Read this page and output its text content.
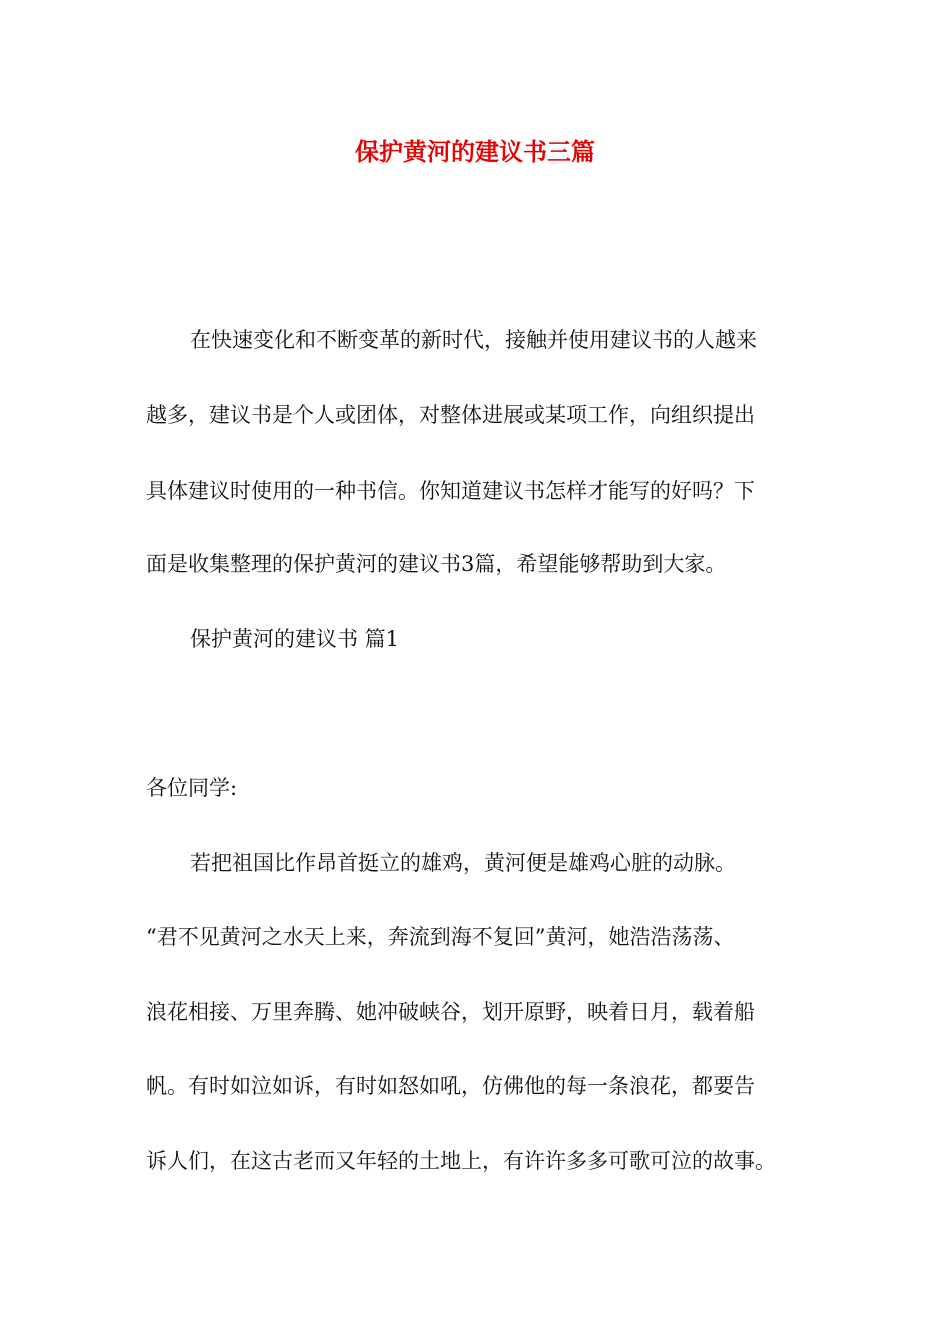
保护黄河的建议书三篇

在快速变化和不断变革的新时代，接触并使用建议书的人越来

越多，建议书是个人或团体，对整体进展或某项工作，向组织提出

具体建议时使用的一种书信。你知道建议书怎样才能写的好吗？下

面是收集整理的保护黄河的建议书3篇，希望能够帮助到大家。

保护黄河的建议书 篇1

各位同学:

若把祖国比作昂首挺立的雄鸡，黄河便是雄鸡心脏的动脉。

“君不见黄河之水天上来，奔流到海不复回”黄河，她浩浩荡荡、

浪花相接、万里奔腾、她冲破峡谷，划开原野，映着日月，载着船

帆。有时如泣如诉，有时如怒如吼，仿佛他的每一条浪花，都要告

诉人们，在这古老而又年轻的土地上，有许许多多可歌可泣的故事。
